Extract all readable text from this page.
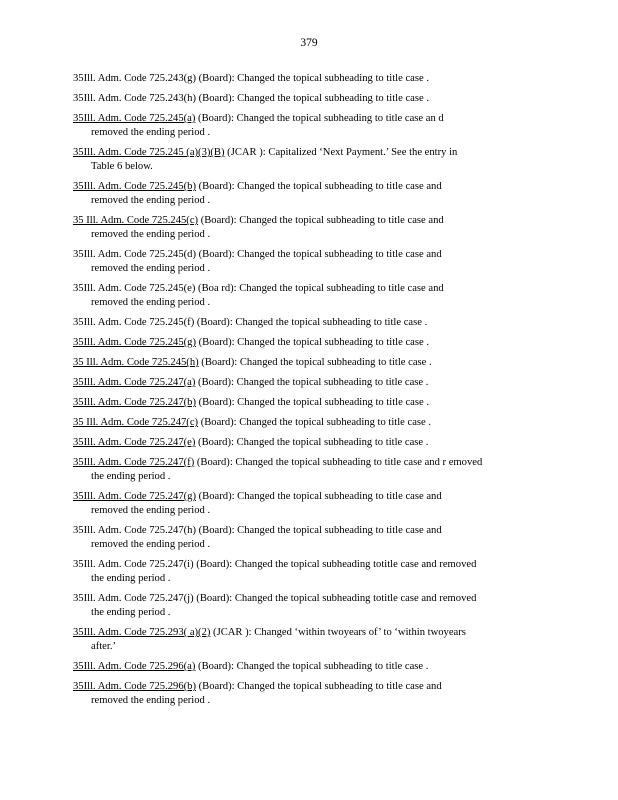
379

35Ill. Adm. Code 725.243(g) (Board): Changed the topical subheading to title case .

35Ill. Adm. Code 725.243(h) (Board): Changed the topical subheading to title case .

35Ill. Adm. Code 725.245(a) (Board): Changed the topical subheading to title case an d

removed the ending period .

35Ill. Adm. Code 725.245 (a)(3)(B) (JCAR ): Capitalized ‘Next Payment.’ See the entry in

Table 6 below.

35Ill. Adm. Code 725.245(b) (Board): Changed the topical subheading to title case and

removed the ending period .

35 Ill. Adm. Code 725.245(c) (Board): Changed the topical subheading to title case and

removed the ending period .

35Ill. Adm. Code 725.245(d) (Board): Changed the topical subheading to title case and

removed the ending period .

35Ill. Adm. Code 725.245(e) (Boa rd): Changed the topical subheading to title case and

removed the ending period .

35Ill. Adm. Code 725.245(f) (Board): Changed the topical subheading to title case .

35Ill. Adm. Code 725.245(g) (Board): Changed the topical subheading to title case .

35 Ill. Adm. Code 725.245(h) (Board): Changed the topical subheading to title case .

35Ill. Adm. Code 725.247(a) (Board): Changed the topical subheading to title case .

35Ill. Adm. Code 725.247(b) (Board): Changed the topical subheading to title case .

35 Ill. Adm. Code 725.247(c) (Board): Changed the topical subheading to title case .

35Ill. Adm. Code 725.247(e) (Board): Changed the topical subheading to title case .

35Ill. Adm. Code 725.247(f) (Board): Changed the topical subheading to title case and r emoved

the ending period .

35Ill. Adm. Code 725.247(g) (Board): Changed the topical subheading to title case and

removed the ending period .

35Ill. Adm. Code 725.247(h) (Board): Changed the topical subheading to title case and

removed the ending period .

35Ill. Adm. Code 725.247(i) (Board): Changed the topical subheading totitle case and removed

the ending period .

35Ill. Adm. Code 725.247(j) (Board): Changed the topical subheading totitle case and removed

the ending period .

35Ill. Adm. Code 725.293( a)(2) (JCAR ): Changed ‘within twoyears of’ to ‘within twoyears

after.’

35Ill. Adm. Code 725.296(a) (Board): Changed the topical subheading to title case .

35Ill. Adm. Code 725.296(b) (Board): Changed the topical subheading to title case and

removed the ending period .
